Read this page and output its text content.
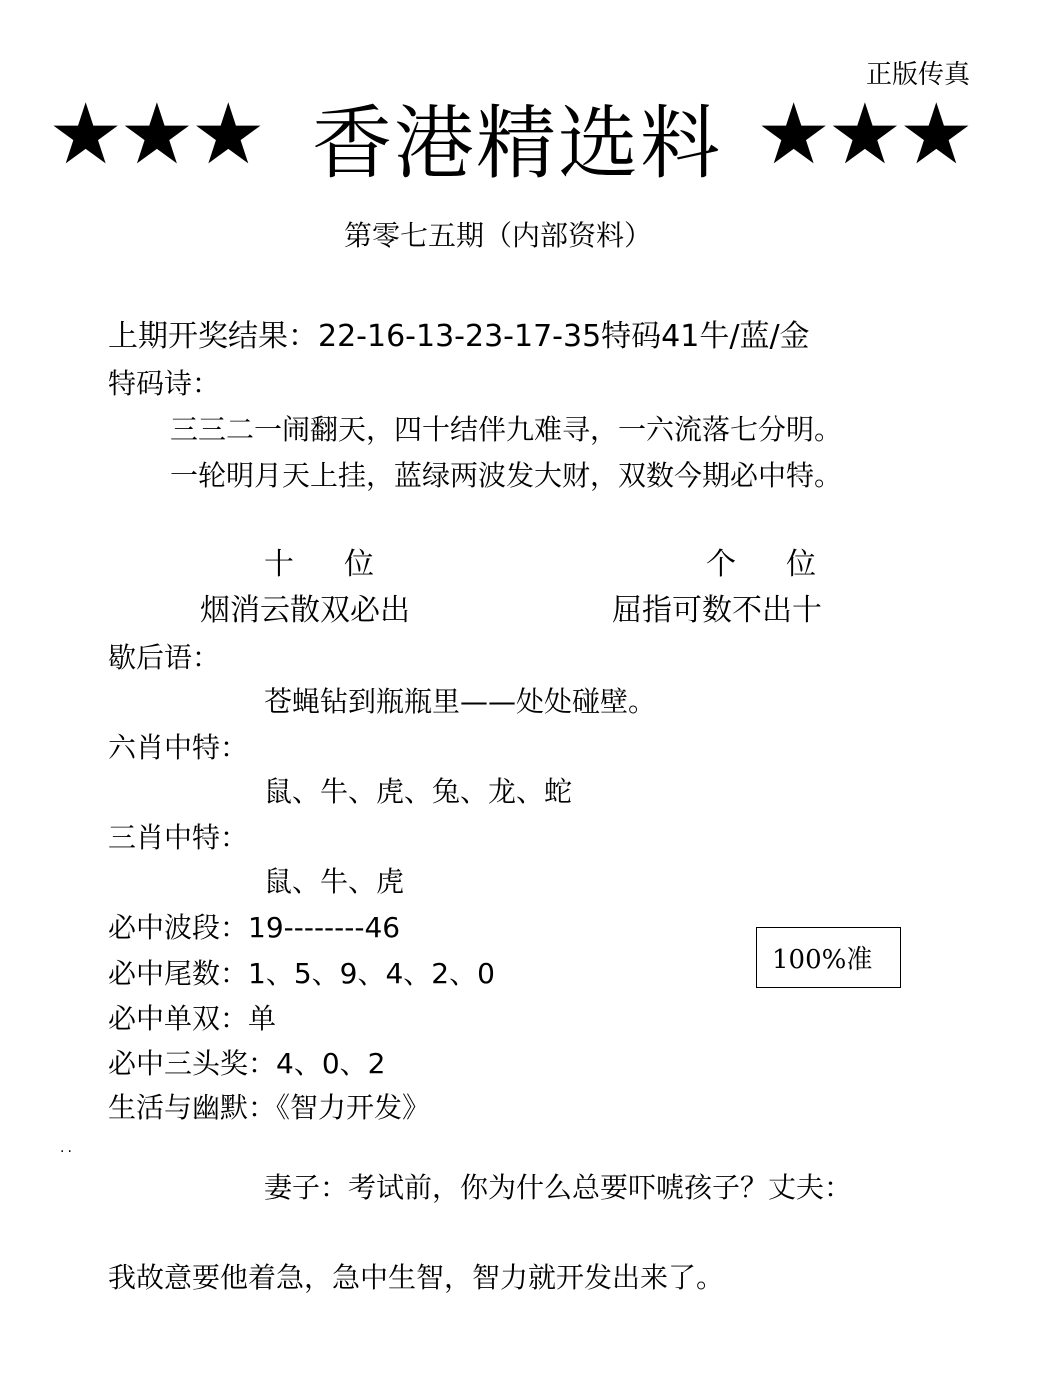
正版传真
★★★ 香港精选料 ★★★
第零七五期（内部资料）
上期开奖结果：22-16-13-23-17-35特码41牛/蓝/金
特码诗：
三三二一闹翻天，四十结伴九难寻，一六流落七分明。
一轮明月天上挂，蓝绿两波发大财，双数今期必中特。
十　位	个　位
烟消云散双必出	屈指可数不出十
歇后语：
苍蝇钻到瓶瓶里——处处碰壁。
六肖中特：
鼠、牛、虎、兔、龙、蛇
三肖中特：
鼠、牛、虎
必中波段：19--------46
必中尾数：1、5、9、4、2、0
必中单双：单
必中三头奖：4、0、2
生活与幽默：《智力开发》
100%准
..
妻子：考试前，你为什么总要吓唬孩子？丈夫：
我故意要他着急，急中生智，智力就开发出来了。
